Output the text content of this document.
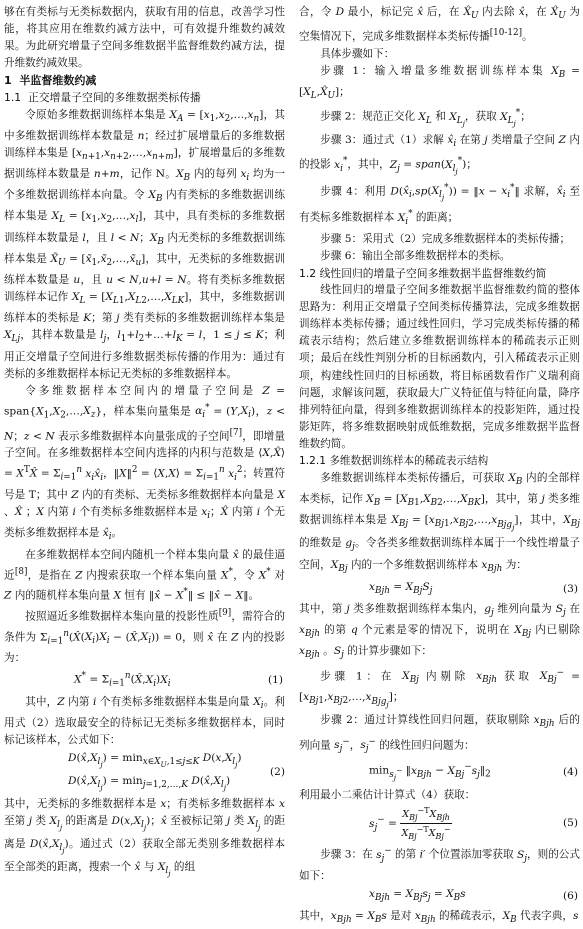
够在有类标与无类标数据内，获取有用的信息，改善学习性能，将其应用在维数约减方法中，可有效提升维数约减效果。为此研究增量子空间多维数据半监督维数约减方法，提升维数约减效果。

1  半监督维数约减

1.1  正交增量子空间的多维数据类标传播

令原始多维数据训练样本集是 $X_A$ = $[x_1,x_2,\dots,x_n]$，其中多维数据训练样本数量是 n；经过扩展增量后的多维数据训练样本集是 $[x_{n+1},x_{n+2},\dots,x_{n+m}]$，扩展增量后的多维数据训练样本数量是 n+m，记作 N。$X_B$ 内的每列 $x_i$ 均为一个多维数据训练样本向量。令 $X_B$ 内有类标的多维数据训练样本集是 $X_L$ = $[x_1,x_2,\dots,x_l]$，其中，具有类标的多维数据训练样本数量是 l，且 l < N；$X_B$ 内无类标的多维数据训练样本集是 $X̃_U$ = $[x̃_1,x̃_2,\dots,x̃_u]$，其中，无类标的多维数据训练样本数量是 u，且 u < N,u+l = N。将有类标多维数据训练样本记作 $X_L$ = $[X_{L1},X_{L2},\dots,X_{LK}]$，其中，多维数据训练样本的类标是 K；第 j 类有类标的多维数据训练样本集是 $X_{Lj}$，其样本数量是 $l_j$，$l_1+l_2+\dots+l_K = l$，1 ≤ j ≤ K；利用正交增量子空间进行多维数据类标传播的作用为：通过有类标的多维数据样本标记无类标的多维数据样本。

令多维数据样本空间内的增量子空间是 $Z = span\{X_1,X_2,\dots,X_z\}$，样本集向量集是 $\alpha_i^* = (Y,X_i)$，z < N；z < N 表示多维数据样本向量张成的子空间[7]，即增量子空间。在多维数据样本空间内选择的内积与范数是 ⟨X,X̂⟩ = $X^TX̂ = \Sigma_{i=1}^n$ $x_ix̂_i$，‖X‖$^2$ = ⟨X,X⟩ = $\Sigma_{i=1}^n$ $x_i^2$；转置符号是 T；其中 Z 内的有类标、无类标多维数据样本向量是 X 、X̂ ；X 内第 i 个有类标多维数据样本是 $x_i$；X̂ 内第 i 个无类标多维数据样本是 $x̂_i$。

在多维数据样本空间内随机一个样本集向量 x̂ 的最佳逼近[8]，是指在 Z 内搜索获取一个样本集向量 X*，令 X* 对 Z 内的随机样本集向量 X 恒有 ‖x̂ − X*‖ ≤ ‖x̂ − X‖。

按照逼近多维数据样本集向量的投影性质[9]，需符合的条件为 $\Sigma_{i=1}^n(X̂(X_i)X_i$ − $(X̂,X_i)) = 0$，则 x̂ 在 Z 内的投影为：

$X^* = \Sigma_{i=1}^n(X̂,X_i)X_i$	(1)

其中，Z 内第 i 个有类标多维数据样本集是向量 $X_i$。利用式（2）选取最安全的待标记无类标多维数据样本，同时标记该样本，公式如下：

$D(x̂,X_{l_j}) = \min_{x\in X_U,1\le j\le K} D(x,X_{l_j})$
$D(x̂,X_{l_j}) = \min_{j=1,2,\dots,K}$ $D(x̂,X_{l_j})$
(2)

其中，无类标的多维数据样本是 x；有类标多维数据样本 x 至第 j 类 $X_{l_j}$ 的距离是 $D(x,X_{l_j})$；x̂ 至被标记第 j 类 $X_{l_j}$ 的距离是 $D(x̂,X_{l_j})$。通过式（2）获取全部无类别多维数据样本至全部类的距离，搜索一个 x̂ 与 $X_{l_j}$ 的组

合，令 D 最小，标记完 x̂ 后，在 $X̂_U$ 内去除 x̂，在 $X̂_U$ 为空集情况下，完成多维数据样本类标传播[10-12]。

具体步骤如下：

步骤 1：输入增量多维数据训练样本集 $X_B$ = $[X_L,X̂_U]$；

步骤 2：规范正交化 $X_L$ 和 $X_{L_j}$，获取 $X_{L_j}^*$；

步骤 3：通过式（1）求解 $x̂_i$ 在第 j 类增量子空间 Z 内的投影 $x_i^*$，其中，$Z_j$ = $span(X_{l_j}^*)$；

步骤 4：利用 $D(x̂_i,sp(X_{l_j}^*))$ = ‖x − $x_i^*‖$ 求解，$x̂_i$ 至有类标多维数据样本 $X_i^*$ 的距离；

步骤 5：采用式（2）完成多维数据样本的类标传播；

步骤 6：输出全部多维数据样本的类标。

1.2 线性回归的增量子空间多维数据半监督维数约简

线性回归的增量子空间多维数据半监督维数约简的整体思路为：利用正交增量子空间类标传播算法，完成多维数据训练样本类标传播；通过线性回归，学习完成类标传播的稀疏表示结构；然后建立多维数据训练样本的稀疏表示正则项；最后在线性判别分析的目标函数内，引入稀疏表示正则项，构建线性回归的目标函数，将目标函数看作广义瑞利商问题，求解该问题，获取最大广义特征值与特征向量，降序排列特征向量，得到多维数据训练样本的投影矩阵，通过投影矩阵，将多维数据映射成低维数据，完成多维数据半监督维数约简。

1.2.1 多维数据训练样本的稀疏表示结构

多维数据训练样本类标传播后，可获取 $X_B$ 内的全部样本类标，记作 $X_B$ = $[X_{B1},X_{B2},\dots,X_{BK}]$，其中，第 j 类多维数据训练样本集是 $X_{Bj}$ = $[x_{Bj1},x_{Bj2},\dots,x_{Bjg_j}]$，其中，$X_{Bj}$ 的维数是 $g_j$。令各类多维数据训练样本属于一个线性增量子空间，$X_{Bj}$ 内的一个多维数据训练样本 $x_{Bjh}$ 为：

$x_{Bjh} = X_{Bj}S_j$	(3)

其中，第 j 类多维数据训练样本集内，$g_j$ 维列向量为 $S_j$ 在 $x_{Bjh}$ 的第 q 个元素是零的情况下，说明在 $X_{Bj}$ 内已剔除 $x_{Bjh}$ 。$S_j$ 的计算步骤如下：

步骤 1：在 $X_{Bj}$ 内剔除 $x_{Bjh}$ 获取 $X_{Bj}^-$ = $[x_{Bj1},x_{Bj2},\dots,x_{Bjg_j}]$；

步骤 2：通过计算线性回归问题，获取剔除 $x_{Bjh}$ 后的列向量 $s_j^-$，$s_j^-$ 的线性回归问题为：

$\min_{s_j^-}$ $‖x_{Bjh}$ − $X_{Bj}^-s_j‖_2$	(4)

利用最小二乘估计计算式（4）获取：

$s_j^- = \frac{X_{Bj}^{-T}X_{Bjh}}{X_{Bj}^{-T}X_{Bj}^-}$	(5)

步骤 3：在 $s_j^-$ 的第 i′ 个位置添加零获取 $S_j$，则的公式如下：

$x_{Bjh} = X_{Bj}s_j = X_Bs$	(6)

其中，$x_{Bjh} = X_Bs$ 是对 $x_{Bjh}$ 的稀疏表示，$X_B$ 代表字典，s
